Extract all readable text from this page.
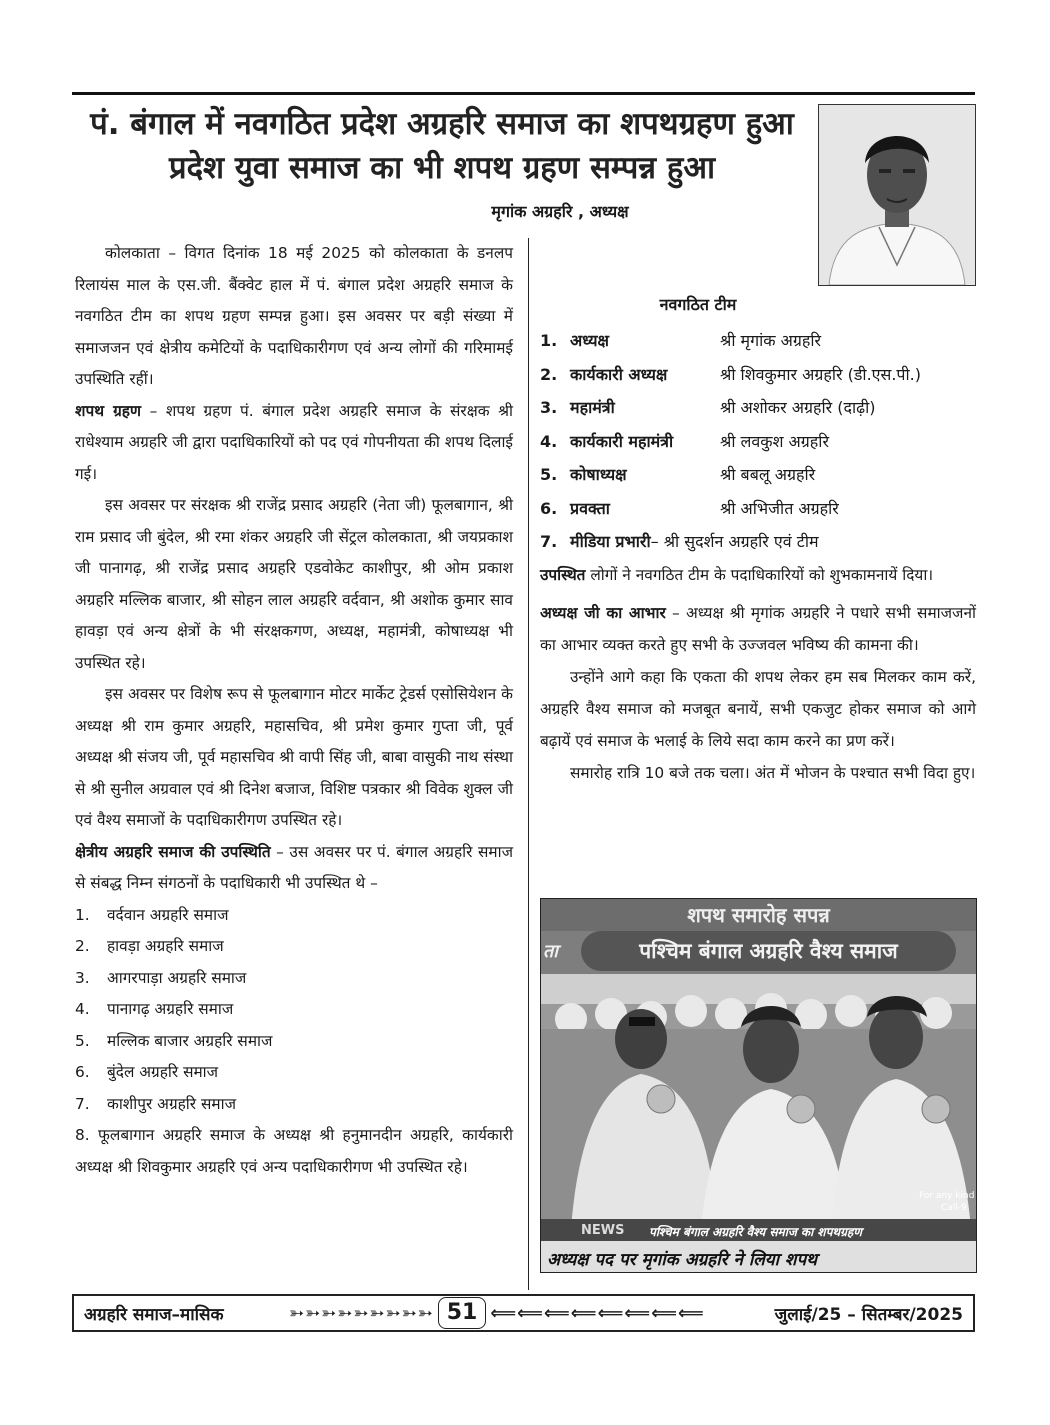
पं. बंगाल में नवगठित प्रदेश अग्रहरि समाज का शपथग्रहण हुआ
प्रदेश युवा समाज का भी शपथ ग्रहण सम्पन्न हुआ
मृगांक अग्रहरि , अध्यक्ष

कोलकाता – विगत दिनांक 18 मई 2025 को कोलकाता के डनलप रिलायंस माल के एस.जी. बैंक्वेट हाल में पं. बंगाल प्रदेश अग्रहरि समाज के नवगठित टीम का शपथ ग्रहण सम्पन्न हुआ। इस अवसर पर बड़ी संख्या में समाजजन एवं क्षेत्रीय कमेटियों के पदाधिकारीगण एवं अन्य लोगों की गरिमामई उपस्थिति रहीं।

शपथ ग्रहण – शपथ ग्रहण पं. बंगाल प्रदेश अग्रहरि समाज के संरक्षक श्री राधेश्याम अग्रहरि जी द्वारा पदाधिकारियों को पद एवं गोपनीयता की शपथ दिलाई गई।

इस अवसर पर संरक्षक श्री राजेंद्र प्रसाद अग्रहरि (नेता जी) फूलबागान, श्री राम प्रसाद जी बुंदेल, श्री रमा शंकर अग्रहरि जी सेंट्रल कोलकाता, श्री जयप्रकाश जी पानागढ़, श्री राजेंद्र प्रसाद अग्रहरि एडवोकेट काशीपुर, श्री ओम प्रकाश अग्रहरि मल्लिक बाजार, श्री सोहन लाल अग्रहरि वर्दवान, श्री अशोक कुमार साव हावड़ा एवं अन्य क्षेत्रों के भी संरक्षकगण, अध्यक्ष, महामंत्री, कोषाध्यक्ष भी उपस्थित रहे।

इस अवसर पर विशेष रूप से फूलबागान मोटर मार्केट ट्रेडर्स एसोसियेशन के अध्यक्ष श्री राम कुमार अग्रहरि, महासचिव, श्री प्रमेश कुमार गुप्ता जी, पूर्व अध्यक्ष श्री संजय जी, पूर्व महासचिव श्री वापी सिंह जी, बाबा वासुकी नाथ संस्था से श्री सुनील अग्रवाल एवं श्री दिनेश बजाज, विशिष्ट पत्रकार श्री विवेक शुक्ल जी एवं वैश्य समाजों के पदाधिकारीगण उपस्थित रहे।

क्षेत्रीय अग्रहरि समाज की उपस्थिति – उस अवसर पर पं. बंगाल अग्रहरि समाज से संबद्ध निम्न संगठनों के पदाधिकारी भी उपस्थित थे –

1.	वर्दवान अग्रहरि समाज
2.	हावड़ा अग्रहरि समाज
3.	आगरपाड़ा अग्रहरि समाज
4.	पानागढ़ अग्रहरि समाज
5.	मल्लिक बाजार अग्रहरि समाज
6.	बुंदेल अग्रहरि समाज
7.	काशीपुर अग्रहरि समाज

8. फूलबागान अग्रहरि समाज के अध्यक्ष श्री हनुमानदीन अग्रहरि, कार्यकारी अध्यक्ष श्री शिवकुमार अग्रहरि एवं अन्य पदाधिकारीगण भी उपस्थित रहे।

नवगठित टीम
1. अध्यक्ष	श्री मृगांक अग्रहरि
2. कार्यकारी अध्यक्ष	श्री शिवकुमार अग्रहरि (डी.एस.पी.)
3. महामंत्री	श्री अशोकर अग्रहरि (दाढ़ी)
4. कार्यकारी महामंत्री	श्री लवकुश अग्रहरि
5. कोषाध्यक्ष	श्री बबलू अग्रहरि
6. प्रवक्ता	श्री अभिजीत अग्रहरि
7. मीडिया प्रभारी – श्री सुदर्शन अग्रहरि एवं टीम

उपस्थित लोगों ने नवगठित टीम के पदाधिकारियों को शुभकामनायें दिया।

अध्यक्ष जी का आभार – अध्यक्ष श्री मृगांक अग्रहरि ने पधारे सभी समाजजनों का आभार व्यक्त करते हुए सभी के उज्जवल भविष्य की कामना की।

उन्होंने आगे कहा कि एकता की शपथ लेकर हम सब मिलकर काम करें, अग्रहरि वैश्य समाज को मजबूत बनायें, सभी एकजुट होकर समाज को आगे बढ़ायें एवं समाज के भलाई के लिये सदा काम करने का प्रण करें।

समारोह रात्रि 10 बजे तक चला। अंत में भोजन के पश्चात सभी विदा हुए।

शपथ समारोह सपन्न
पश्चिम बंगाल अग्रहरि वैश्य समाज
ता
For any kind
Call-9
NEWS पश्चिम बंगाल अग्रहरि वैश्य समाज का शपथग्रहण
अध्यक्ष पद पर मृगांक अग्रहरि ने लिया शपथ
अग्रहरि समाज–मासिक	➳➳➳➳➳➳➳➳➳ 51 ⟸⟸⟸⟸⟸⟸⟸⟸	जुलाई/25 – सितम्बर/2025
